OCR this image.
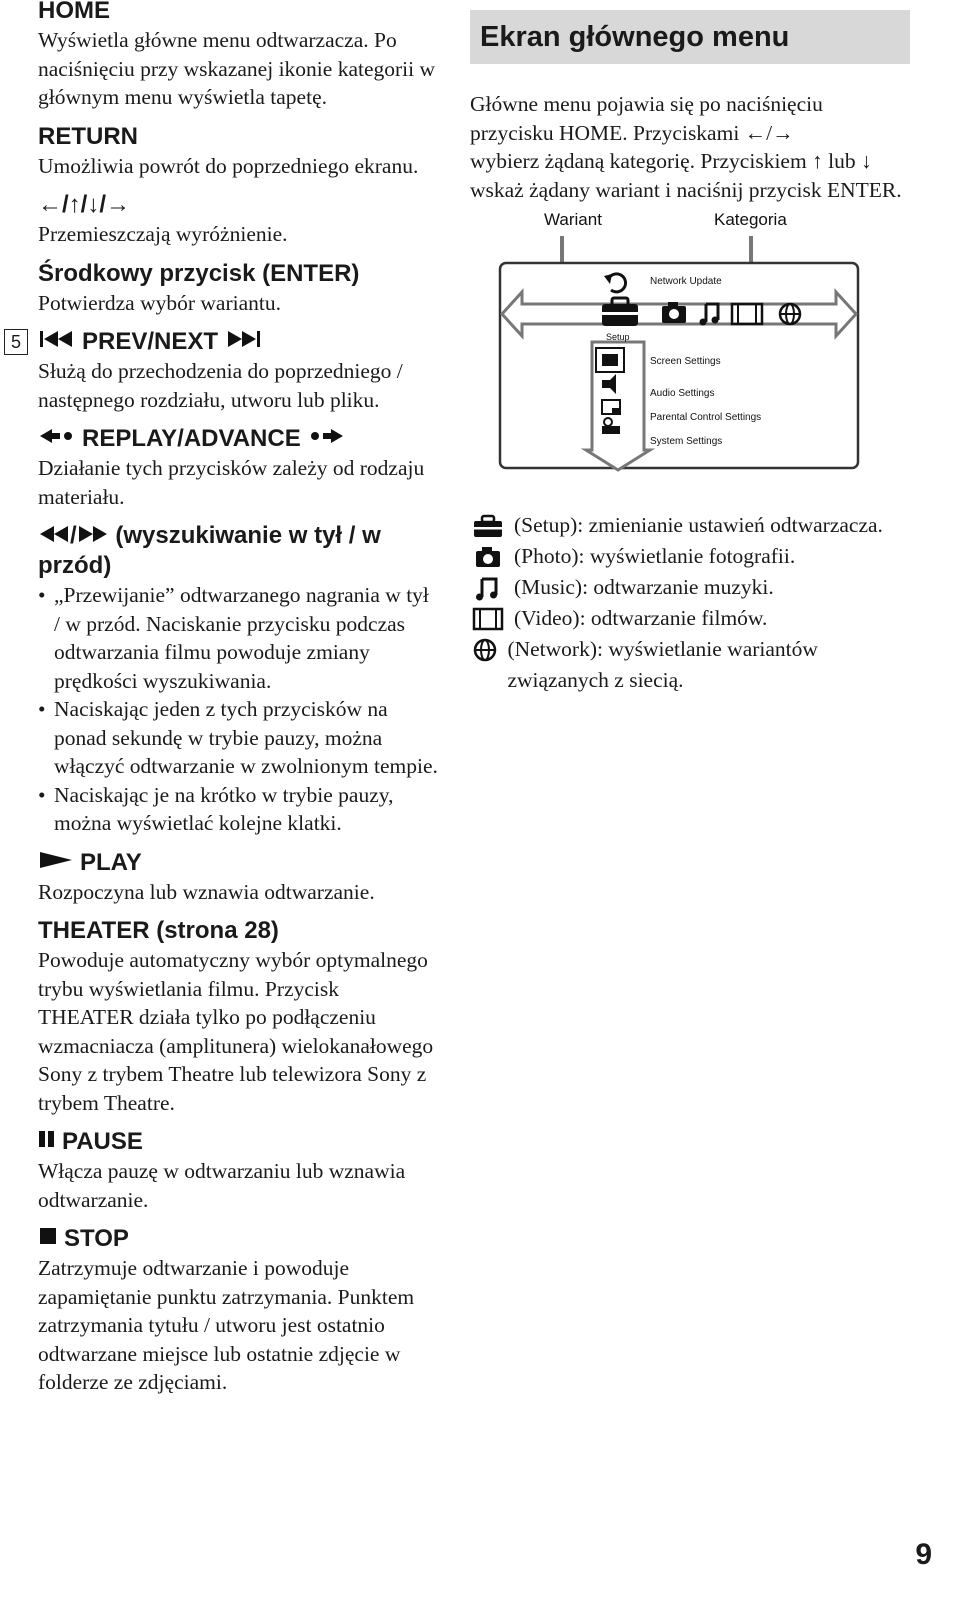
HOME

Wyświetla główne menu odtwarzacza. Po naciśnięciu przy wskazanej ikonie kategorii w głównym menu wyświetla tapetę.

RETURN

Umożliwia powrót do poprzedniego ekranu.

←/↑/↓/→

Przemieszczają wyróżnienie.

Środkowy przycisk (ENTER)

Potwierdza wybór wariantu.

5	PREV/NEXT

Służą do przechodzenia do poprzedniego / następnego rozdziału, utworu lub pliku.

REPLAY/ADVANCE

Działanie tych przycisków zależy od rodzaju materiału.

/ (wyszukiwanie w tył / w przód)

• „Przewijanie” odtwarzanego nagrania w tył / w przód. Naciskanie przycisku podczas odtwarzania filmu powoduje zmiany prędkości wyszukiwania.
• Naciskając jeden z tych przycisków na ponad sekundę w trybie pauzy, można włączyć odtwarzanie w zwolnionym tempie.
• Naciskając je na krótko w trybie pauzy, można wyświetlać kolejne klatki.

PLAY

Rozpoczyna lub wznawia odtwarzanie.

THEATER (strona 28)

Powoduje automatyczny wybór optymalnego trybu wyświetlania filmu. Przycisk THEATER działa tylko po podłączeniu wzmacniacza (amplitunera) wielokanałowego Sony z trybem Theatre lub telewizora Sony z trybem Theatre.

PAUSE

Włącza pauzę w odtwarzaniu lub wznawia odtwarzanie.

STOP

Zatrzymuje odtwarzanie i powoduje zapamiętanie punktu zatrzymania. Punktem zatrzymania tytułu / utworu jest ostatnio odtwarzane miejsce lub ostatnie zdjęcie w folderze ze zdjęciami.

Ekran głównego menu

Główne menu pojawia się po naciśnięciu przycisku HOME. Przyciskami ←/→

wybierz żądaną kategorię. Przyciskiem ↑ lub ↓ wskaż żądany wariant i naciśnij przycisk ENTER.

Wariant	Kategoria
Network Update
Setup
Screen Settings
Audio Settings
Parental Control Settings
System Settings
(Setup): zmienianie ustawień odtwarzacza.
(Photo): wyświetlanie fotografii.
(Music): odtwarzanie muzyki.
(Video): odtwarzanie filmów.
(Network): wyświetlanie wariantów związanych z siecią.
9
